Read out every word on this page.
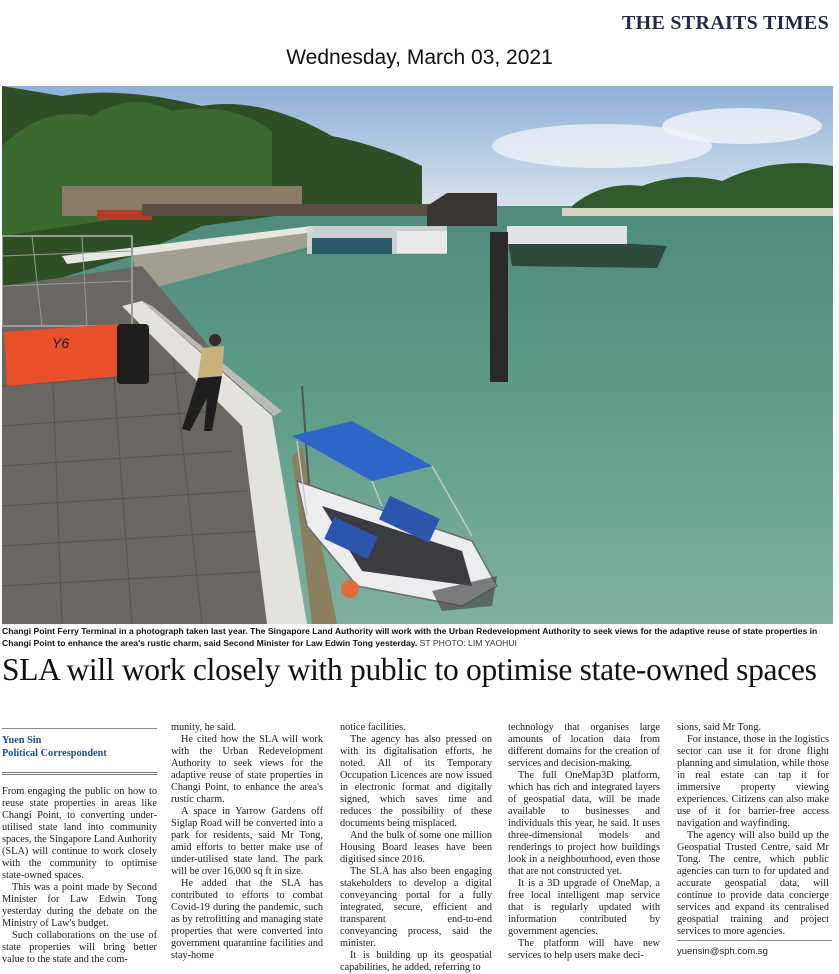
THE STRAITS TIMES
Wednesday, March 03, 2021
Y6
Changi Point Ferry Terminal in a photograph taken last year. The Singapore Land Authority will work with the Urban Redevelopment Authority to seek views for the adaptive reuse of state properties in Changi Point to enhance the area's rustic charm, said Second Minister for Law Edwin Tong yesterday. ST PHOTO: LIM YAOHUI
SLA will work closely with public to optimise state-owned spaces
Yuen Sin
Political Correspondent

From engaging the public on how to reuse state properties in areas like Changi Point, to converting under-utilised state land into community spaces, the Singapore Land Authority (SLA) will continue to work closely with the community to optimise state-owned spaces.

This was a point made by Second Minister for Law Edwin Tong yesterday during the debate on the Ministry of Law's budget.

Such collaborations on the use of state properties will bring better value to the state and the com-

munity, he said.

He cited how the SLA will work with the Urban Redevelopment Authority to seek views for the adaptive reuse of state properties in Changi Point, to enhance the area's rustic charm.

A space in Yarrow Gardens off Siglap Road will be converted into a park for residents, said Mr Tong, amid efforts to better make use of under-utilised state land. The park will be over 16,000 sq ft in size.

He added that the SLA has contributed to efforts to combat Covid-19 during the pandemic, such as by retrofitting and managing state properties that were converted into government quarantine facilities and stay-home

notice facilities.

The agency has also pressed on with its digitalisation efforts, he noted. All of its Temporary Occupation Licences are now issued in electronic format and digitally signed, which saves time and reduces the possibility of these documents being misplaced.

And the bulk of some one million Housing Board leases have been digitised since 2016.

The SLA has also been engaging stakeholders to develop a digital conveyancing portal for a fully integrated, secure, efficient and transparent end-to-end conveyancing process, said the minister.

It is building up its geospatial capabilities, he added, referring to

technology that organises large amounts of location data from different domains for the creation of services and decision-making.

The full OneMap3D platform, which has rich and integrated layers of geospatial data, will be made available to businesses and individuals this year, he said. It uses three-dimensional models and renderings to project how buildings look in a neighbourhood, even those that are not constructed yet.

It is a 3D upgrade of OneMap, a free local intelligent map service that is regularly updated with information contributed by government agencies.

The platform will have new services to help users make deci-

sions, said Mr Tong.

For instance, those in the logistics sector can use it for drone flight planning and simulation, while those in real estate can tap it for immersive property viewing experiences. Citizens can also make use of it for barrier-free access navigation and wayfinding.

The agency will also build up the Geospatial Trusted Centre, said Mr Tong. The centre, which public agencies can turn to for updated and accurate geospatial data, will continue to provide data concierge services and expand its centralised geospatial training and project services to more agencies.

yuensin@sph.com.sg
